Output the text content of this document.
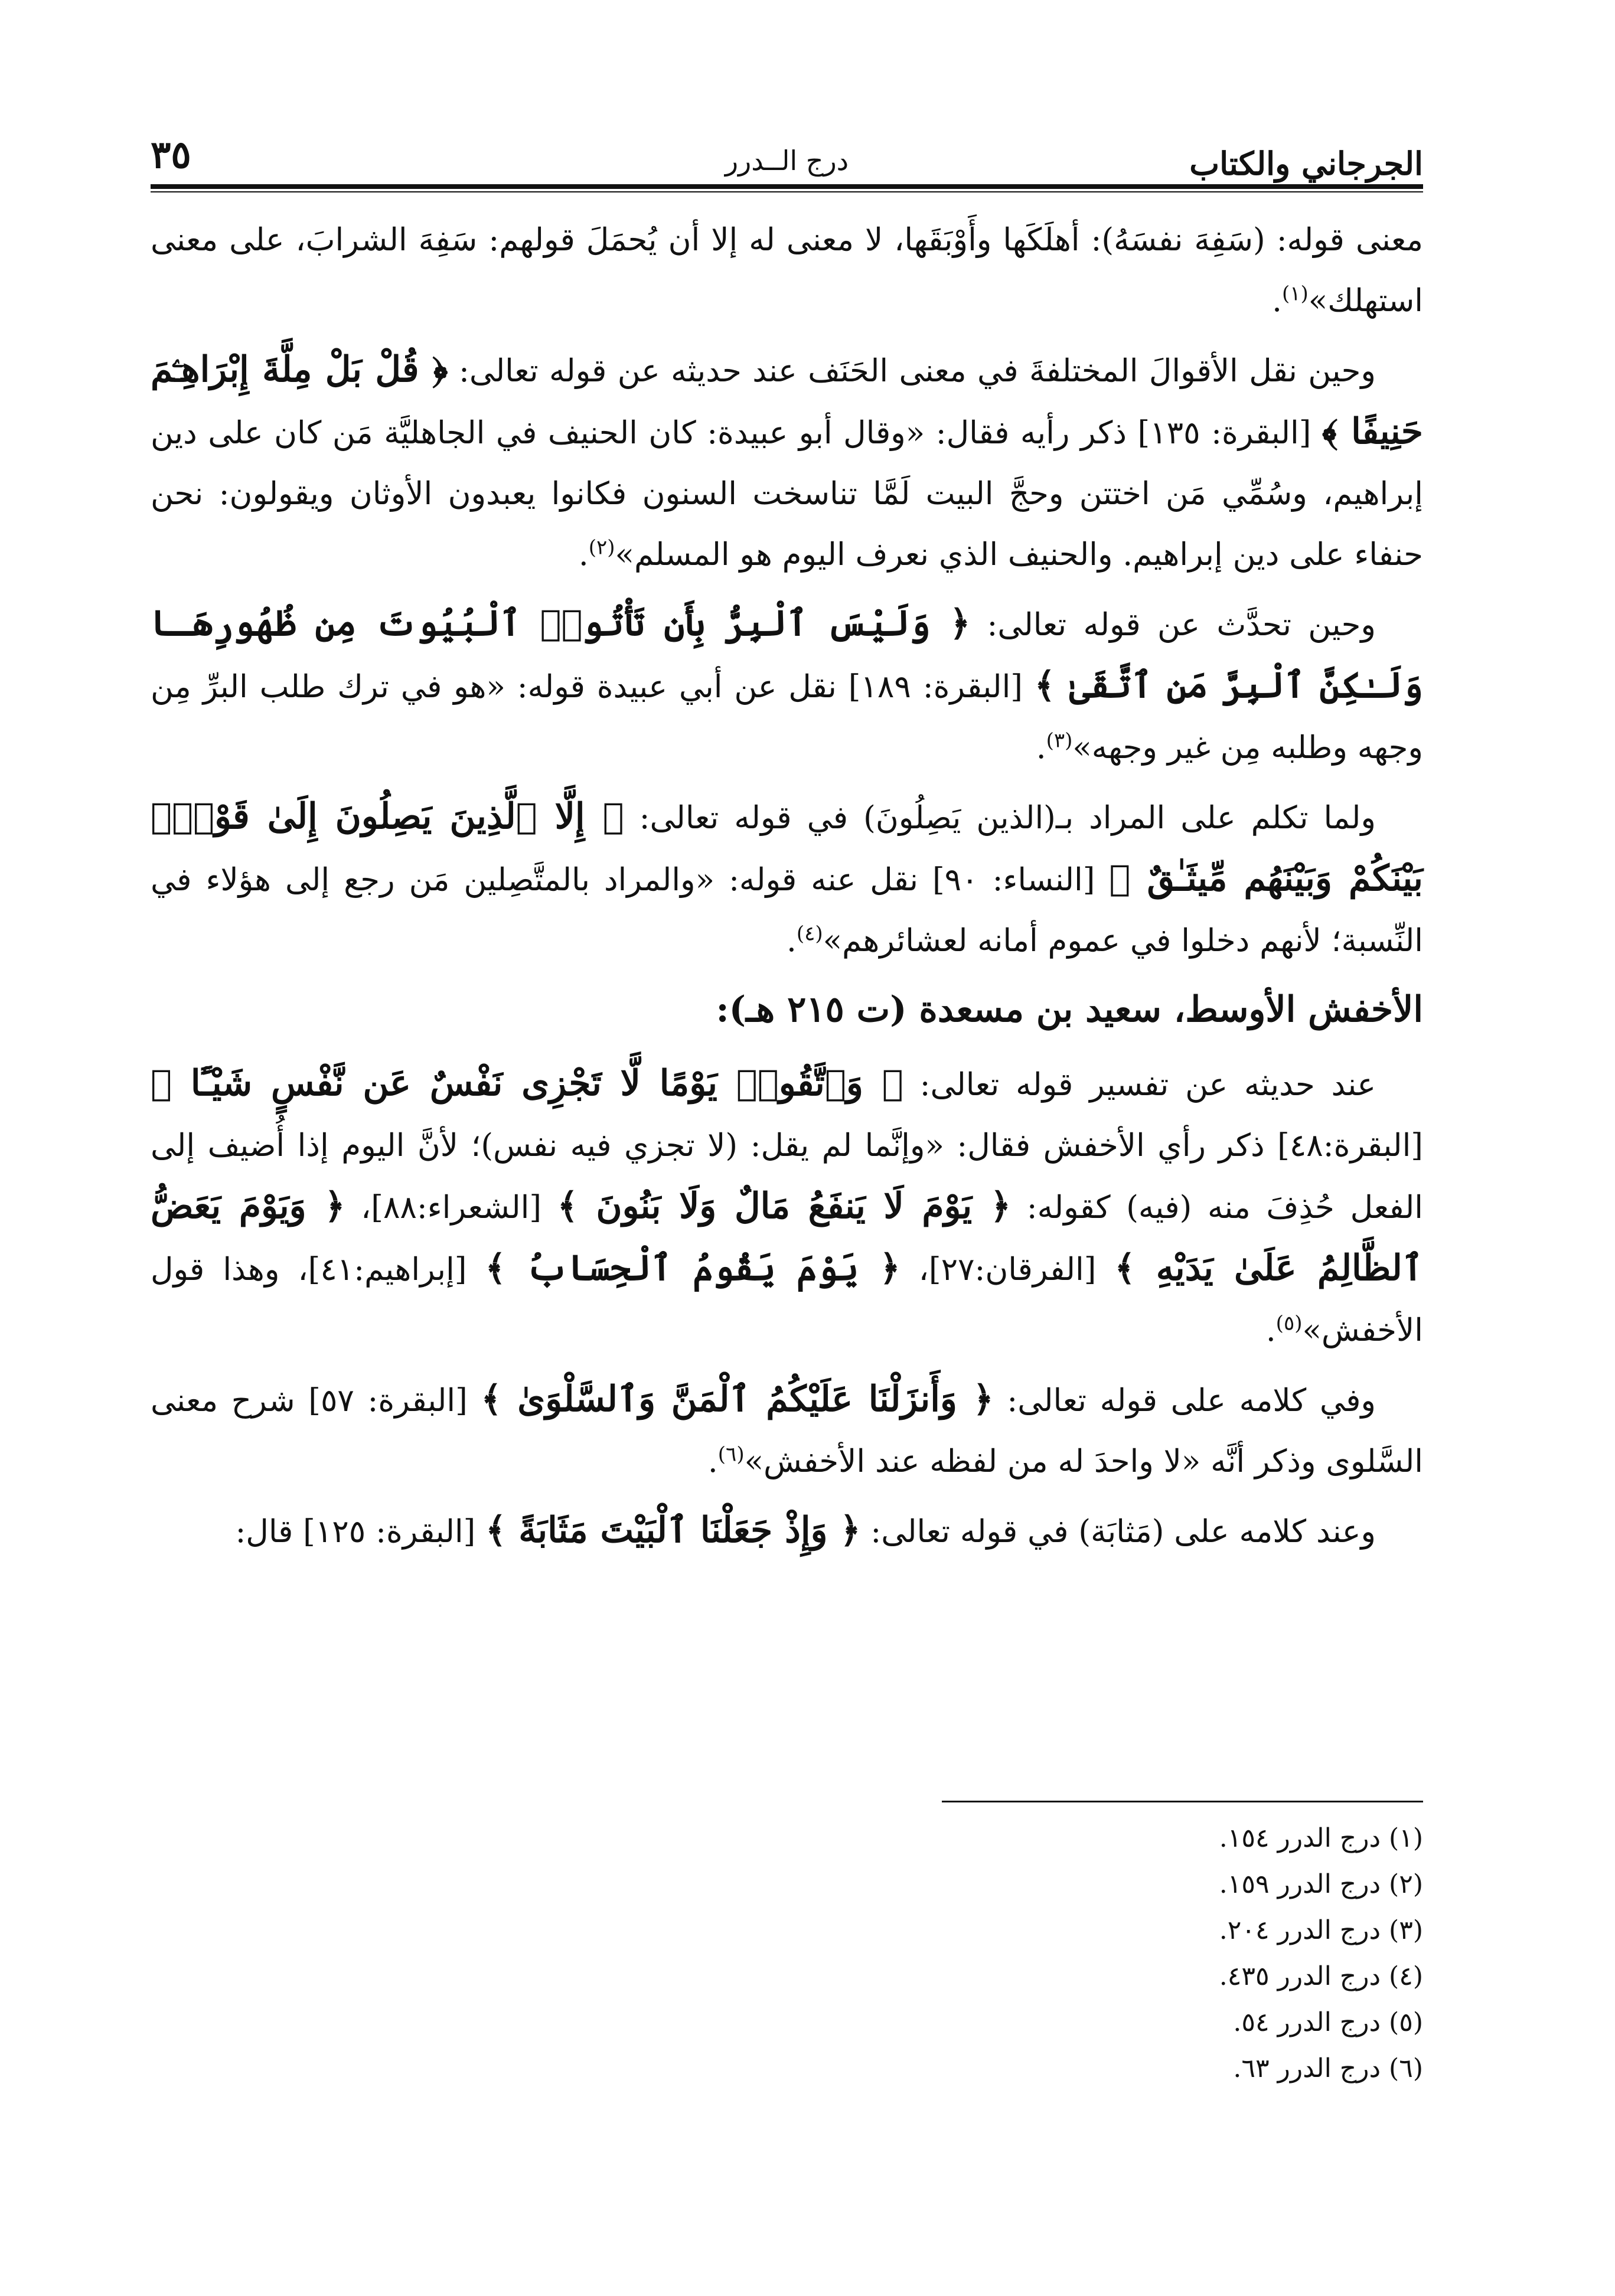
٣٥	درج الــدرر	الجرجاني والكتاب

معنى قوله: (سَفِهَ نفسَهُ): أهلَكَها وأَوْبَقَها، لا معنى له إلا أن يُحمَلَ قولهم: سَفِهَ الشرابَ، على معنى استهلك»$^{(١)}$.

وحين نقل الأقوالَ المختلفةَ في معنى الحَنَف عند حديثه عن قوله تعالى: ﴿ قُلْ بَلْ مِلَّةَ إِبْرَاهِـۧمَ حَنِيفًا ﴾ [البقرة: ١٣٥] ذكر رأيه فقال: «وقال أبو عبيدة: كان الحنيف في الجاهليَّة مَن كان على دين إبراهيم، وسُمِّي مَن اختتن وحجَّ البيت لَمَّا تناسخت السنون فكانوا يعبدون الأوثان ويقولون: نحن حنفاء على دين إبراهيم. والحنيف الذي نعرف اليوم هو المسلم»$^{(٢)}$.

وحين تحدَّث عن قوله تعالى: ﴿ وَلَيْسَ ٱلْبِرُّ بِأَن تَأْتُوا۟ ٱلْبُيُوتَ مِن ظُهُورِهَـا وَلَـٰكِنَّ ٱلْبِرَّ مَنِ ٱتَّقَىٰ ﴾ [البقرة: ١٨٩] نقل عن أبي عبيدة قوله: «هو في ترك طلب البرِّ مِن وجهه وطلبه مِن غير وجهه»$^{(٣)}$.

ولما تكلم على المراد بـ(الذين يَصِلُونَ) في قوله تعالى: ﴿ إِلَّا ٱلَّذِينَ يَصِلُونَ إِلَىٰ قَوْمٍۭ بَيْنَكُمْ وَبَيْنَهُم مِّيثَـٰقٌ ﴾ [النساء: ٩٠] نقل عنه قوله: «والمراد بالمتَّصِلين مَن رجع إلى هؤلاء في النِّسبة؛ لأنهم دخلوا في عموم أمانه لعشائرهم»$^{(٤)}$.

الأخفش الأوسط، سعيد بن مسعدة (ت ٢١٥ هـ):

عند حديثه عن تفسير قوله تعالى: ﴿ وَٱتَّقُوا۟ يَوْمًا لَّا تَجْزِى نَفْسٌ عَن نَّفْسٍ شَيْـًٔا ﴾ [البقرة:٤٨] ذكر رأي الأخفش فقال: «وإنَّما لم يقل: (لا تجزي فيه نفس)؛ لأنَّ اليوم إذا أُضيف إلى الفعل حُذِفَ منه (فيه) كقوله: ﴿ يَوْمَ لَا يَنفَعُ مَالٌ وَلَا بَنُونَ ﴾ [الشعراء:٨٨]، ﴿ وَيَوْمَ يَعَضُّ ٱلظَّالِمُ عَلَىٰ يَدَيْهِ ﴾ [الفرقان:٢٧]، ﴿ يَوْمَ يَقُومُ ٱلْحِسَابُ ﴾ [إبراهيم:٤١]، وهذا قول الأخفش»$^{(٥)}$.

وفي كلامه على قوله تعالى: ﴿ وَأَنزَلْنَا عَلَيْكُمُ ٱلْمَنَّ وَٱلسَّلْوَىٰ ﴾ [البقرة: ٥٧] شرح معنى السَّلوى وذكر أنَّه «لا واحدَ له من لفظه عند الأخفش»$^{(٦)}$.

وعند كلامه على (مَثابَة) في قوله تعالى: ﴿ وَإِذْ جَعَلْنَا ٱلْبَيْتَ مَثَابَةً ﴾ [البقرة: ١٢٥] قال:

(١) درج الدرر ١٥٤.
(٢) درج الدرر ١٥٩.
(٣) درج الدرر ٢٠٤.
(٤) درج الدرر ٤٣٥.
(٥) درج الدرر ٥٤.
(٦) درج الدرر ٦٣.
